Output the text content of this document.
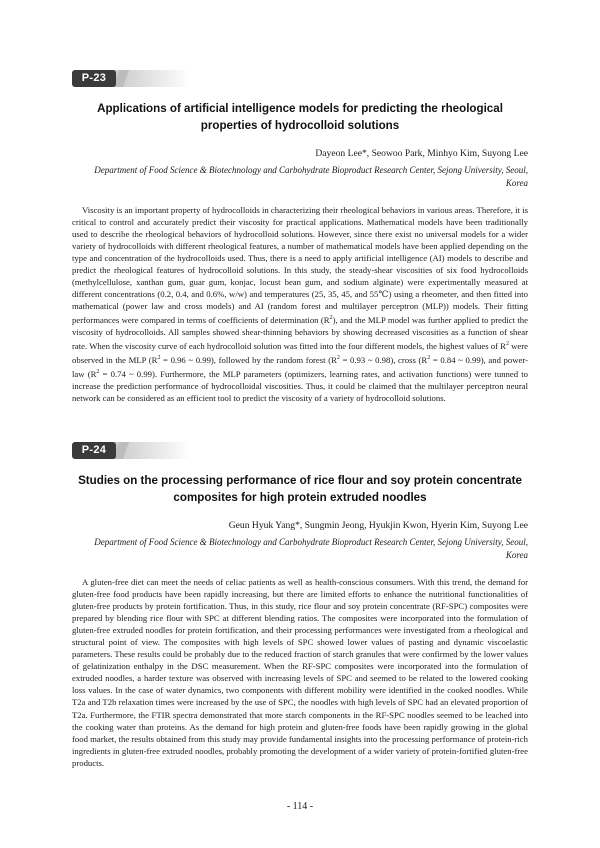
P-23
Applications of artificial intelligence models for predicting the rheological properties of hydrocolloid solutions
Dayeon Lee*, Seowoo Park, Minhyo Kim, Suyong Lee
Department of Food Science & Biotechnology and Carbohydrate Bioproduct Research Center, Sejong University, Seoul, Korea
Viscosity is an important property of hydrocolloids in characterizing their rheological behaviors in various areas. Therefore, it is critical to control and accurately predict their viscosity for practical applications. Mathematical models have been traditionally used to describe the rheological behaviors of hydrocolloid solutions. However, since there exist no universal models for a wider variety of hydrocolloids with different rheological features, a number of mathematical models have been applied depending on the type and concentration of the hydrocolloids used. Thus, there is a need to apply artificial intelligence (AI) models to describe and predict the rheological features of hydrocolloid solutions. In this study, the steady-shear viscosities of six food hydrocolloids (methylcellulose, xanthan gum, guar gum, konjac, locust bean gum, and sodium alginate) were experimentally measured at different concentrations (0.2, 0.4, and 0.6%, w/w) and temperatures (25, 35, 45, and 55℃) using a rheometer, and then fitted into mathematical (power law and cross models) and AI (random forest and multilayer perceptron (MLP)) models. Their fitting performances were compared in terms of coefficients of determination $(R^2)$, and the MLP model was further applied to predict the viscosity of hydrocolloids. All samples showed shear-thinning behaviors by showing decreased viscosities as a function of shear rate. When the viscosity curve of each hydrocolloid solution was fitted into the four different models, the highest values of $R^2$ were observed in the MLP ($R^2 = 0.96$ ~ 0.99), followed by the random forest ($R^2 = 0.93$ ~ 0.98), cross ($R^2 = 0.84$ ~ 0.99), and power-law ($R^2 = 0.74$ ~ 0.99). Furthermore, the MLP parameters (optimizers, learning rates, and activation functions) were tunned to increase the prediction performance of hydrocolloidal viscosities. Thus, it could be claimed that the multilayer perceptron neural network can be considered as an efficient tool to predict the viscosity of a variety of hydrocolloid solutions.
P-24
Studies on the processing performance of rice flour and soy protein concentrate composites for high protein extruded noodles
Geun Hyuk Yang*, Sungmin Jeong, Hyukjin Kwon, Hyerin Kim, Suyong Lee
Department of Food Science & Biotechnology and Carbohydrate Bioproduct Research Center, Sejong University, Seoul, Korea
A gluten-free diet can meet the needs of celiac patients as well as health-conscious consumers. With this trend, the demand for gluten-free food products have been rapidly increasing, but there are limited efforts to enhance the nutritional functionalities of gluten-free products by protein fortification. Thus, in this study, rice flour and soy protein concentrate (RF-SPC) composites were prepared by blending rice flour with SPC at different blending ratios. The composites were incorporated into the formulation of gluten-free extruded noodles for protein fortification, and their processing performances were investigated from a rheological and structural point of view. The composites with high levels of SPC showed lower values of pasting and dynamic viscoelastic parameters. These results could be probably due to the reduced fraction of starch granules that were confirmed by the lower values of gelatinization enthalpy in the DSC measurement. When the RF-SPC composites were incorporated into the formulation of extruded noodles, a harder texture was observed with increasing levels of SPC and seemed to be related to the lowered cooking loss values. In the case of water dynamics, two components with different mobility were identified in the cooked noodles. While T2a and T2b relaxation times were increased by the use of SPC, the noodles with high levels of SPC had an elevated proportion of T2a. Furthermore, the FTIR spectra demonstrated that more starch components in the RF-SPC noodles seemed to be leached into the cooking water than proteins. As the demand for high protein and gluten-free foods have been rapidly growing in the global food market, the results obtained from this study may provide fundamental insights into the processing performance of protein-rich ingredients in gluten-free extruded noodles, probably promoting the development of a wider variety of protein-fortified gluten-free products.
- 114 -
